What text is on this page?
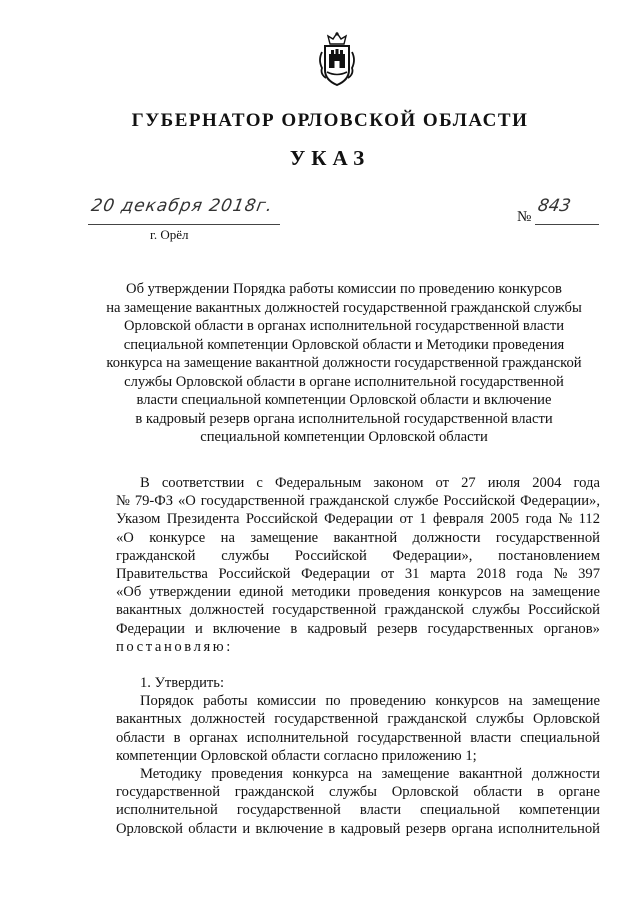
ГУБЕРНАТОР ОРЛОВСКОЙ ОБЛАСТИ
УКАЗ
20 декабря 2018г.
г. Орёл
№
843
Об утверждении Порядка работы комиссии по проведению конкурсов
на замещение вакантных должностей государственной гражданской службы
Орловской области в органах исполнительной государственной власти
специальной компетенции Орловской области и Методики проведения
конкурса на замещение вакантной должности государственной гражданской
службы Орловской области в органе исполнительной государственной
власти специальной компетенции Орловской области и включение
в кадровый резерв органа исполнительной государственной власти
специальной компетенции Орловской области
В соответствии с Федеральным законом от 27 июля 2004 года
№ 79-ФЗ «О государственной гражданской службе Российской Федерации»,
Указом Президента Российской Федерации от 1 февраля 2005 года № 112
«О конкурсе на замещение вакантной должности государственной
гражданской службы Российской Федерации», постановлением
Правительства Российской Федерации от 31 марта 2018 года № 397
«Об утверждении единой методики проведения конкурсов на замещение
вакантных должностей государственной гражданской службы Российской
Федерации и включение в кадровый резерв государственных органов»
постановляю:
1. Утвердить:
Порядок работы комиссии по проведению конкурсов на замещение
вакантных должностей государственной гражданской службы Орловской
области в органах исполнительной государственной власти специальной
компетенции Орловской области согласно приложению 1;
Методику проведения конкурса на замещение вакантной должности
государственной гражданской службы Орловской области в органе
исполнительной государственной власти специальной компетенции
Орловской области и включение в кадровый резерв органа исполнительной
